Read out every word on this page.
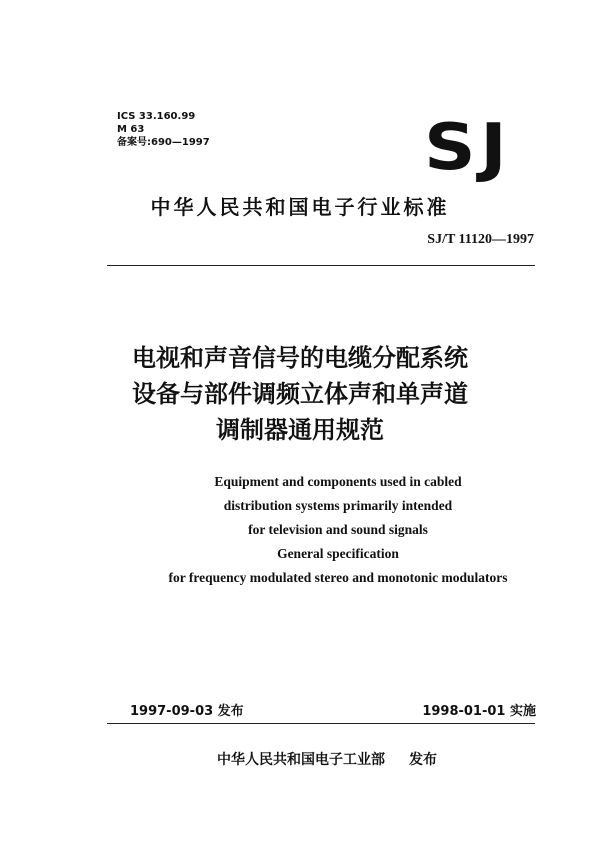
ICS 33.160.99
M 63
备案号:690—1997	SJ
中华人民共和国电子行业标准
SJ/T 11120—1997
电视和声音信号的电缆分配系统
设备与部件调频立体声和单声道
调制器通用规范
Equipment and components used in cabled
distribution systems primarily intended
for television and sound signals
General specification
for frequency modulated stereo and monotonic modulators
1997-09-03 发布	1998-01-01 实施
中华人民共和国电子工业部 发布
